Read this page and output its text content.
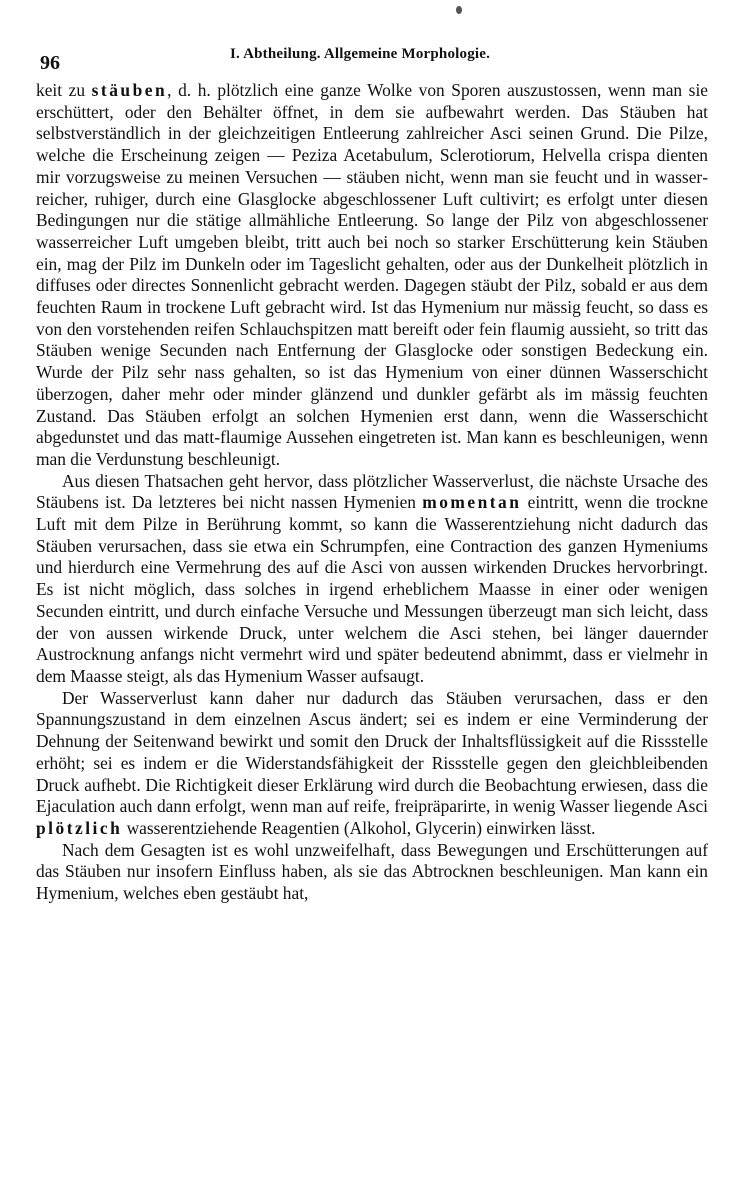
96	I. Abtheilung. Allgemeine Morphologie.

keit zu stäuben, d. h. plötzlich eine ganze Wolke von Sporen auszustossen, wenn man sie erschüttert, oder den Behälter öffnet, in dem sie aufbewahrt werden. Das Stäuben hat selbstverständlich in der gleichzeitigen Entleerung zahlreicher Asci seinen Grund. Die Pilze, welche die Erscheinung zeigen — Peziza Acetabulum, Sclerotiorum, Helvella crispa dienten mir vorzugsweise zu meinen Versuchen — stäuben nicht, wenn man sie feucht und in wasserreicher, ruhiger, durch eine Glasglocke abgeschlossener Luft cultivirt; es erfolgt unter diesen Bedingungen nur die stätige allmähliche Entleerung. So lange der Pilz von abgeschlossener wasserreicher Luft umgeben bleibt, tritt auch bei noch so starker Erschütterung kein Stäuben ein, mag der Pilz im Dunkeln oder im Tageslicht gehalten, oder aus der Dunkelheit plötzlich in diffuses oder directes Sonnenlicht gebracht werden. Dagegen stäubt der Pilz, sobald er aus dem feuchten Raum in trockene Luft gebracht wird. Ist das Hymenium nur mässig feucht, so dass es von den vorstehenden reifen Schlauchspitzen matt bereift oder fein flaumig aussieht, so tritt das Stäuben wenige Secunden nach Entfernung der Glasglocke oder sonstigen Bedeckung ein. Wurde der Pilz sehr nass gehalten, so ist das Hymenium von einer dünnen Wasserschicht überzogen, daher mehr oder minder glänzend und dunkler gefärbt als im mässig feuchten Zustand. Das Stäuben erfolgt an solchen Hymenien erst dann, wenn die Wasserschicht abgedunstet und das matt-flaumige Aussehen eingetreten ist. Man kann es beschleunigen, wenn man die Verdunstung beschleunigt.

Aus diesen Thatsachen geht hervor, dass plötzlicher Wasserverlust, die nächste Ursache des Stäubens ist. Da letzteres bei nicht nassen Hymenien momentan eintritt, wenn die trockne Luft mit dem Pilze in Berührung kommt, so kann die Wasserentziehung nicht dadurch das Stäuben verursachen, dass sie etwa ein Schrumpfen, eine Contraction des ganzen Hymeniums und hierdurch eine Vermehrung des auf die Asci von aussen wirkenden Druckes hervorbringt. Es ist nicht möglich, dass solches in irgend erheblichem Maasse in einer oder wenigen Secunden eintritt, und durch einfache Versuche und Messungen überzeugt man sich leicht, dass der von aussen wirkende Druck, unter welchem die Asci stehen, bei länger dauernder Austrocknung anfangs nicht vermehrt wird und später bedeutend abnimmt, dass er vielmehr in dem Maasse steigt, als das Hymenium Wasser aufsaugt.

Der Wasserverlust kann daher nur dadurch das Stäuben verursachen, dass er den Spannungszustand in dem einzelnen Ascus ändert; sei es indem er eine Verminderung der Dehnung der Seitenwand bewirkt und somit den Druck der Inhaltsflüssigkeit auf die Rissstelle erhöht; sei es indem er die Widerstandsfähigkeit der Rissstelle gegen den gleichbleibenden Druck aufhebt. Die Richtigkeit dieser Erklärung wird durch die Beobachtung erwiesen, dass die Ejaculation auch dann erfolgt, wenn man auf reife, freipräparirte, in wenig Wasser liegende Asci plötzlich wasserentziehende Reagentien (Alkohol, Glycerin) einwirken lässt.

Nach dem Gesagten ist es wohl unzweifelhaft, dass Bewegungen und Erschütterungen auf das Stäuben nur insofern Einfluss haben, als sie das Abtrocknen beschleunigen. Man kann ein Hymenium, welches eben gestäubt hat,
